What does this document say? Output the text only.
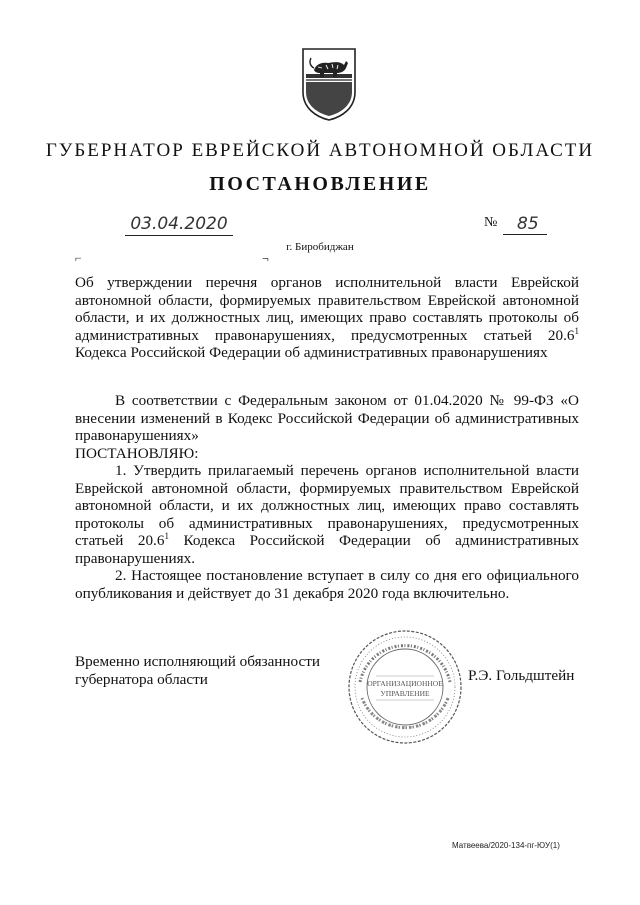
ГУБЕРНАТОР ЕВРЕЙСКОЙ АВТОНОМНОЙ ОБЛАСТИ
ПОСТАНОВЛЕНИЕ
03.04.2020	№	85
г. Биробиджан
⌐	¬
Об утверждении перечня органов исполнительной власти Еврейской автономной области, формируемых правительством Еврейской автономной области, и их должностных лиц, имеющих право составлять протоколы об административных правонарушениях, предусмотренных статьей 20.6$^1$ Кодекса Российской Федерации об административных правонарушениях

В соответствии с Федеральным законом от 01.04.2020 № 99-ФЗ «О внесении изменений в Кодекс Российской Федерации об административных правонарушениях»

ПОСТАНОВЛЯЮ:

1. Утвердить прилагаемый перечень органов исполнительной власти Еврейской автономной области, формируемых правительством Еврейской автономной области, и их должностных лиц, имеющих право составлять протоколы об административных правонарушениях, предусмотренных статьей 20.6$^1$ Кодекса Российской Федерации об административных правонарушениях.

2. Настоящее постановление вступает в силу со дня его официального опубликования и действует до 31 декабря 2020 года включительно.

Временно исполняющий обязанности
губернатора области	ОРГАНИЗАЦИОННОЕ
УПРАВЛЕНИЕ
Р.Э. Гольдштейн
Матвеева/2020-134-пг-ЮУ(1)
